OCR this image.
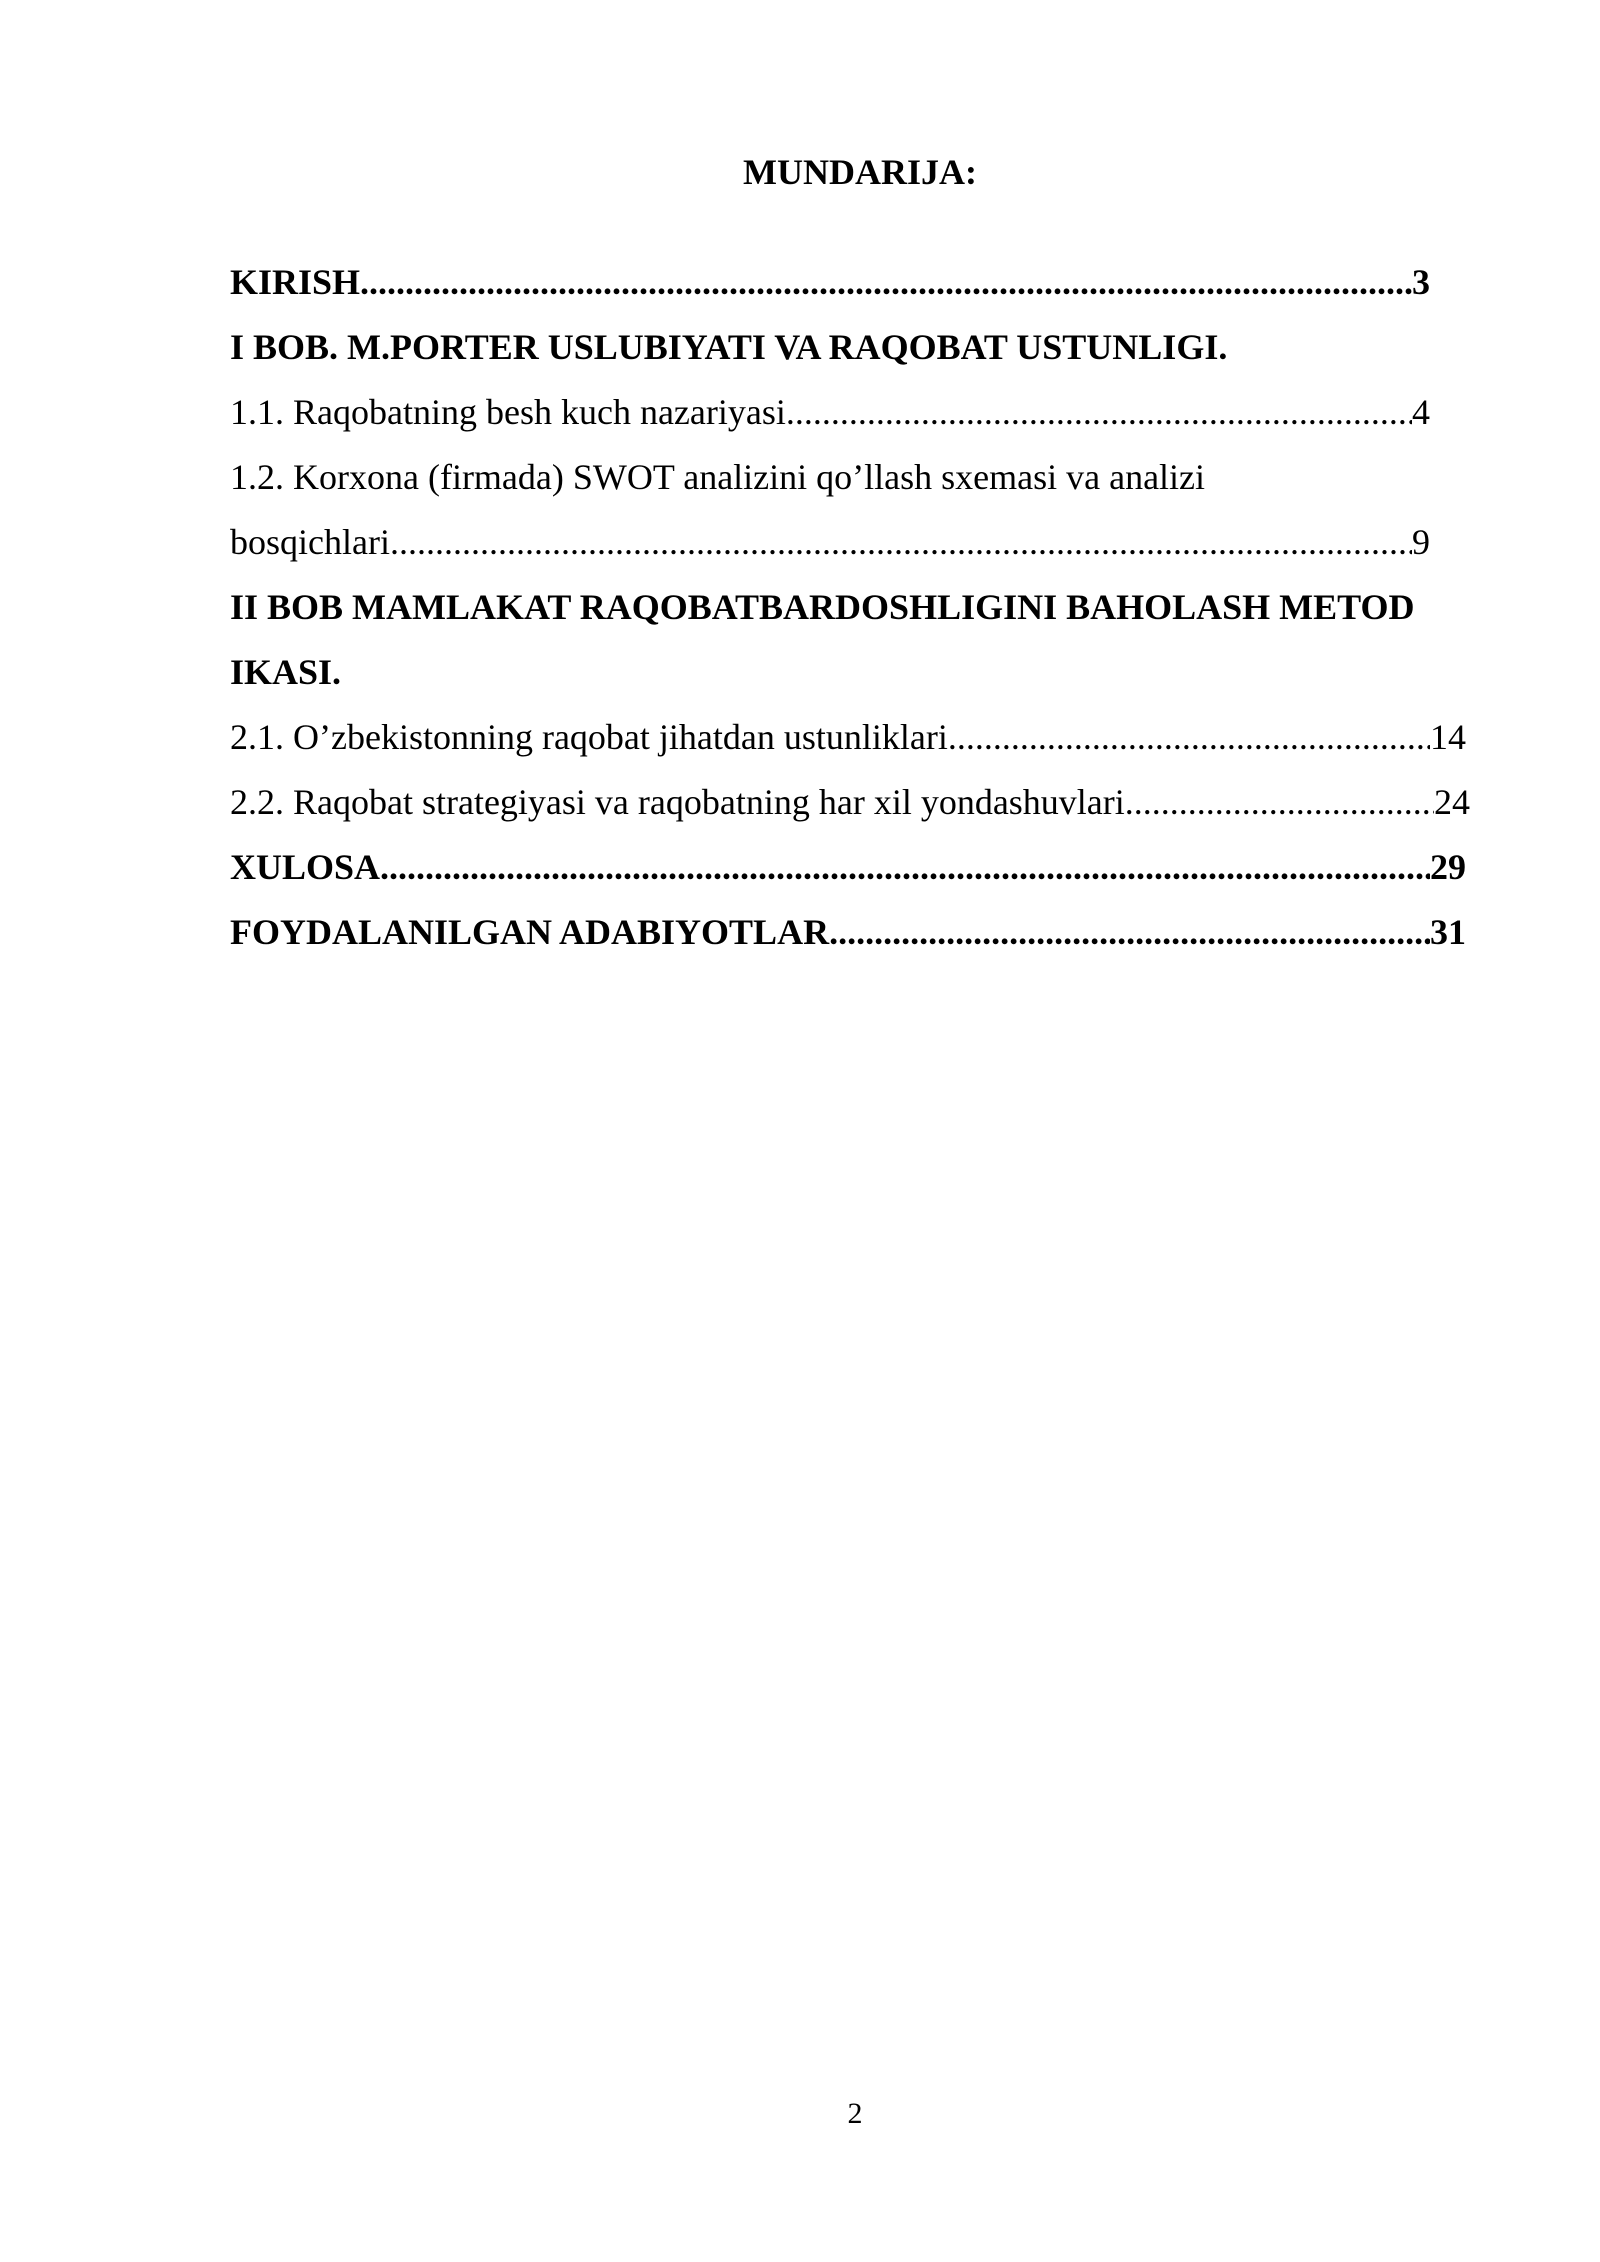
MUNDARIJA:
KIRISH .....	3
I BOB. M.PORTER USLUBIYATI VA RAQOBAT USTUNLIGI.
1.1. Raqobatning besh kuch nazariyasi .....	4
1.2. Korxona (firmada) SWOT analizini qo’llash sxemasi va analizi
bosqichlari .....	9
II BOB MAMLAKAT RAQOBATBARDOSHLIGINI BAHOLASH METOD
IKASI.
2.1. O’zbekistonning raqobat jihatdan ustunliklari .....	14
2.2. Raqobat strategiyasi va raqobatning har xil yondashuvlari .....	24
XULOSA .....	29
FOYDALANILGAN ADABIYOTLAR .....	31
2
